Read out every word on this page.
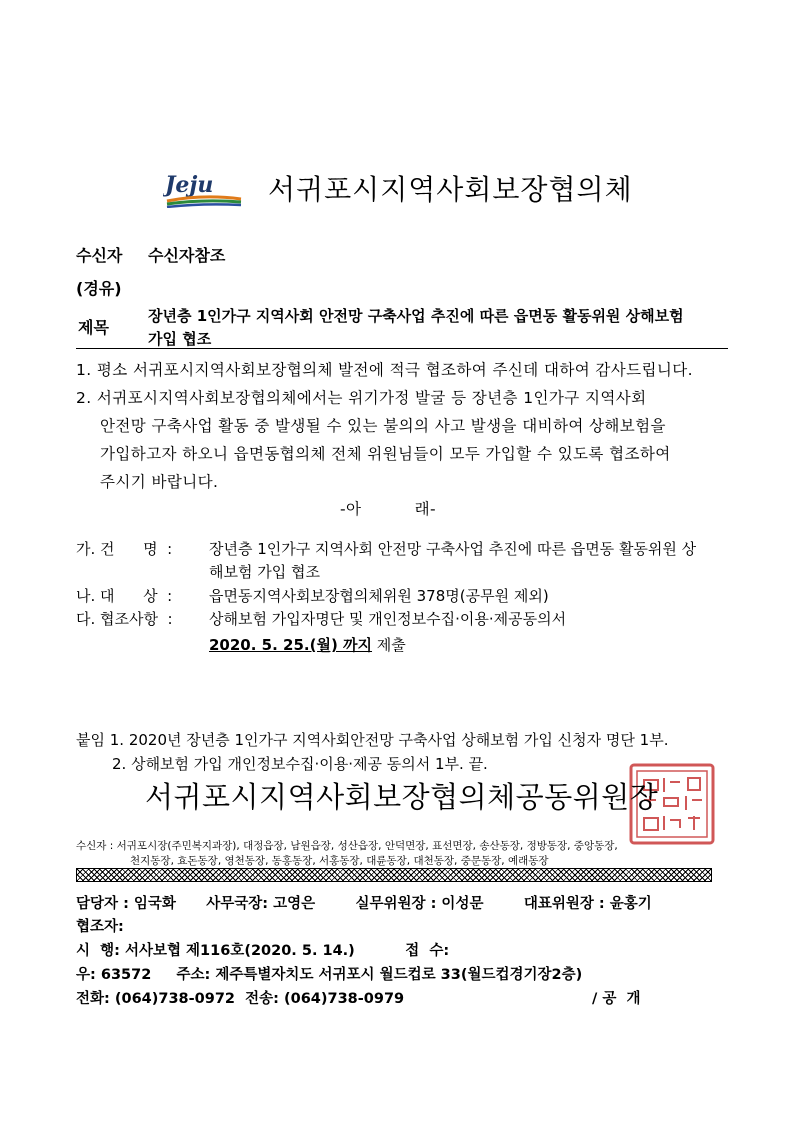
Jeju 서귀포시지역사회보장협의체
수신자 수신자참조
(경유)
제목
장년층 1인가구 지역사회 안전망 구축사업 추진에 따른 읍면동 활동위원 상해보험
가입 협조
1. 평소 서귀포시지역사회보장협의체 발전에 적극 협조하여 주신데 대하여 감사드립니다.
2. 서귀포시지역사회보장협의체에서는 위기가정 발굴 등 장년층 1인가구 지역사회
안전망 구축사업 활동 중 발생될 수 있는 불의의 사고 발생을 대비하여 상해보험을
가입하고자 하오니 읍면동협의체 전체 위원님들이 모두 가입할 수 있도록 협조하여
주시기 바랍니다.
-아          래-
가. 건      명  : 장년층 1인가구 지역사회 안전망 구축사업 추진에 따른 읍면동 활동위원 상
해보험 가입 협조
나. 대      상  : 읍면동지역사회보장협의체위원 378명(공무원 제외)
다. 협조사항  : 상해보험 가입자명단 및 개인정보수집·이용·제공동의서
2020. 5. 25.(월) 까지 제출
붙임 1. 2020년 장년층 1인가구 지역사회안전망 구축사업 상해보험 가입 신청자 명단 1부.
2. 상해보험 가입 개인정보수집·이용·제공 동의서 1부. 끝.
서귀포시지역사회보장협의체공동위원장
수신자 : 서귀포시장(주민복지과장), 대정읍장, 남원읍장, 성산읍장, 안덕면장, 표선면장, 송산동장, 정방동장, 중앙동장,
천지동장, 효돈동장, 영천동장, 동홍동장, 서홍동장, 대륜동장, 대천동장, 중문동장, 예래동장
담당자 : 임국화      사무국장: 고영은        실무위원장 : 이성문        대표위원장 : 윤홍기
협조자:
시  행: 서사보협 제116호(2020. 5. 14.)          접  수:
우: 63572     주소: 제주특별자치도 서귀포시 월드컵로 33(월드컵경기장2층)
전화: (064)738-0972  전송: (064)738-0979	/ 공  개
